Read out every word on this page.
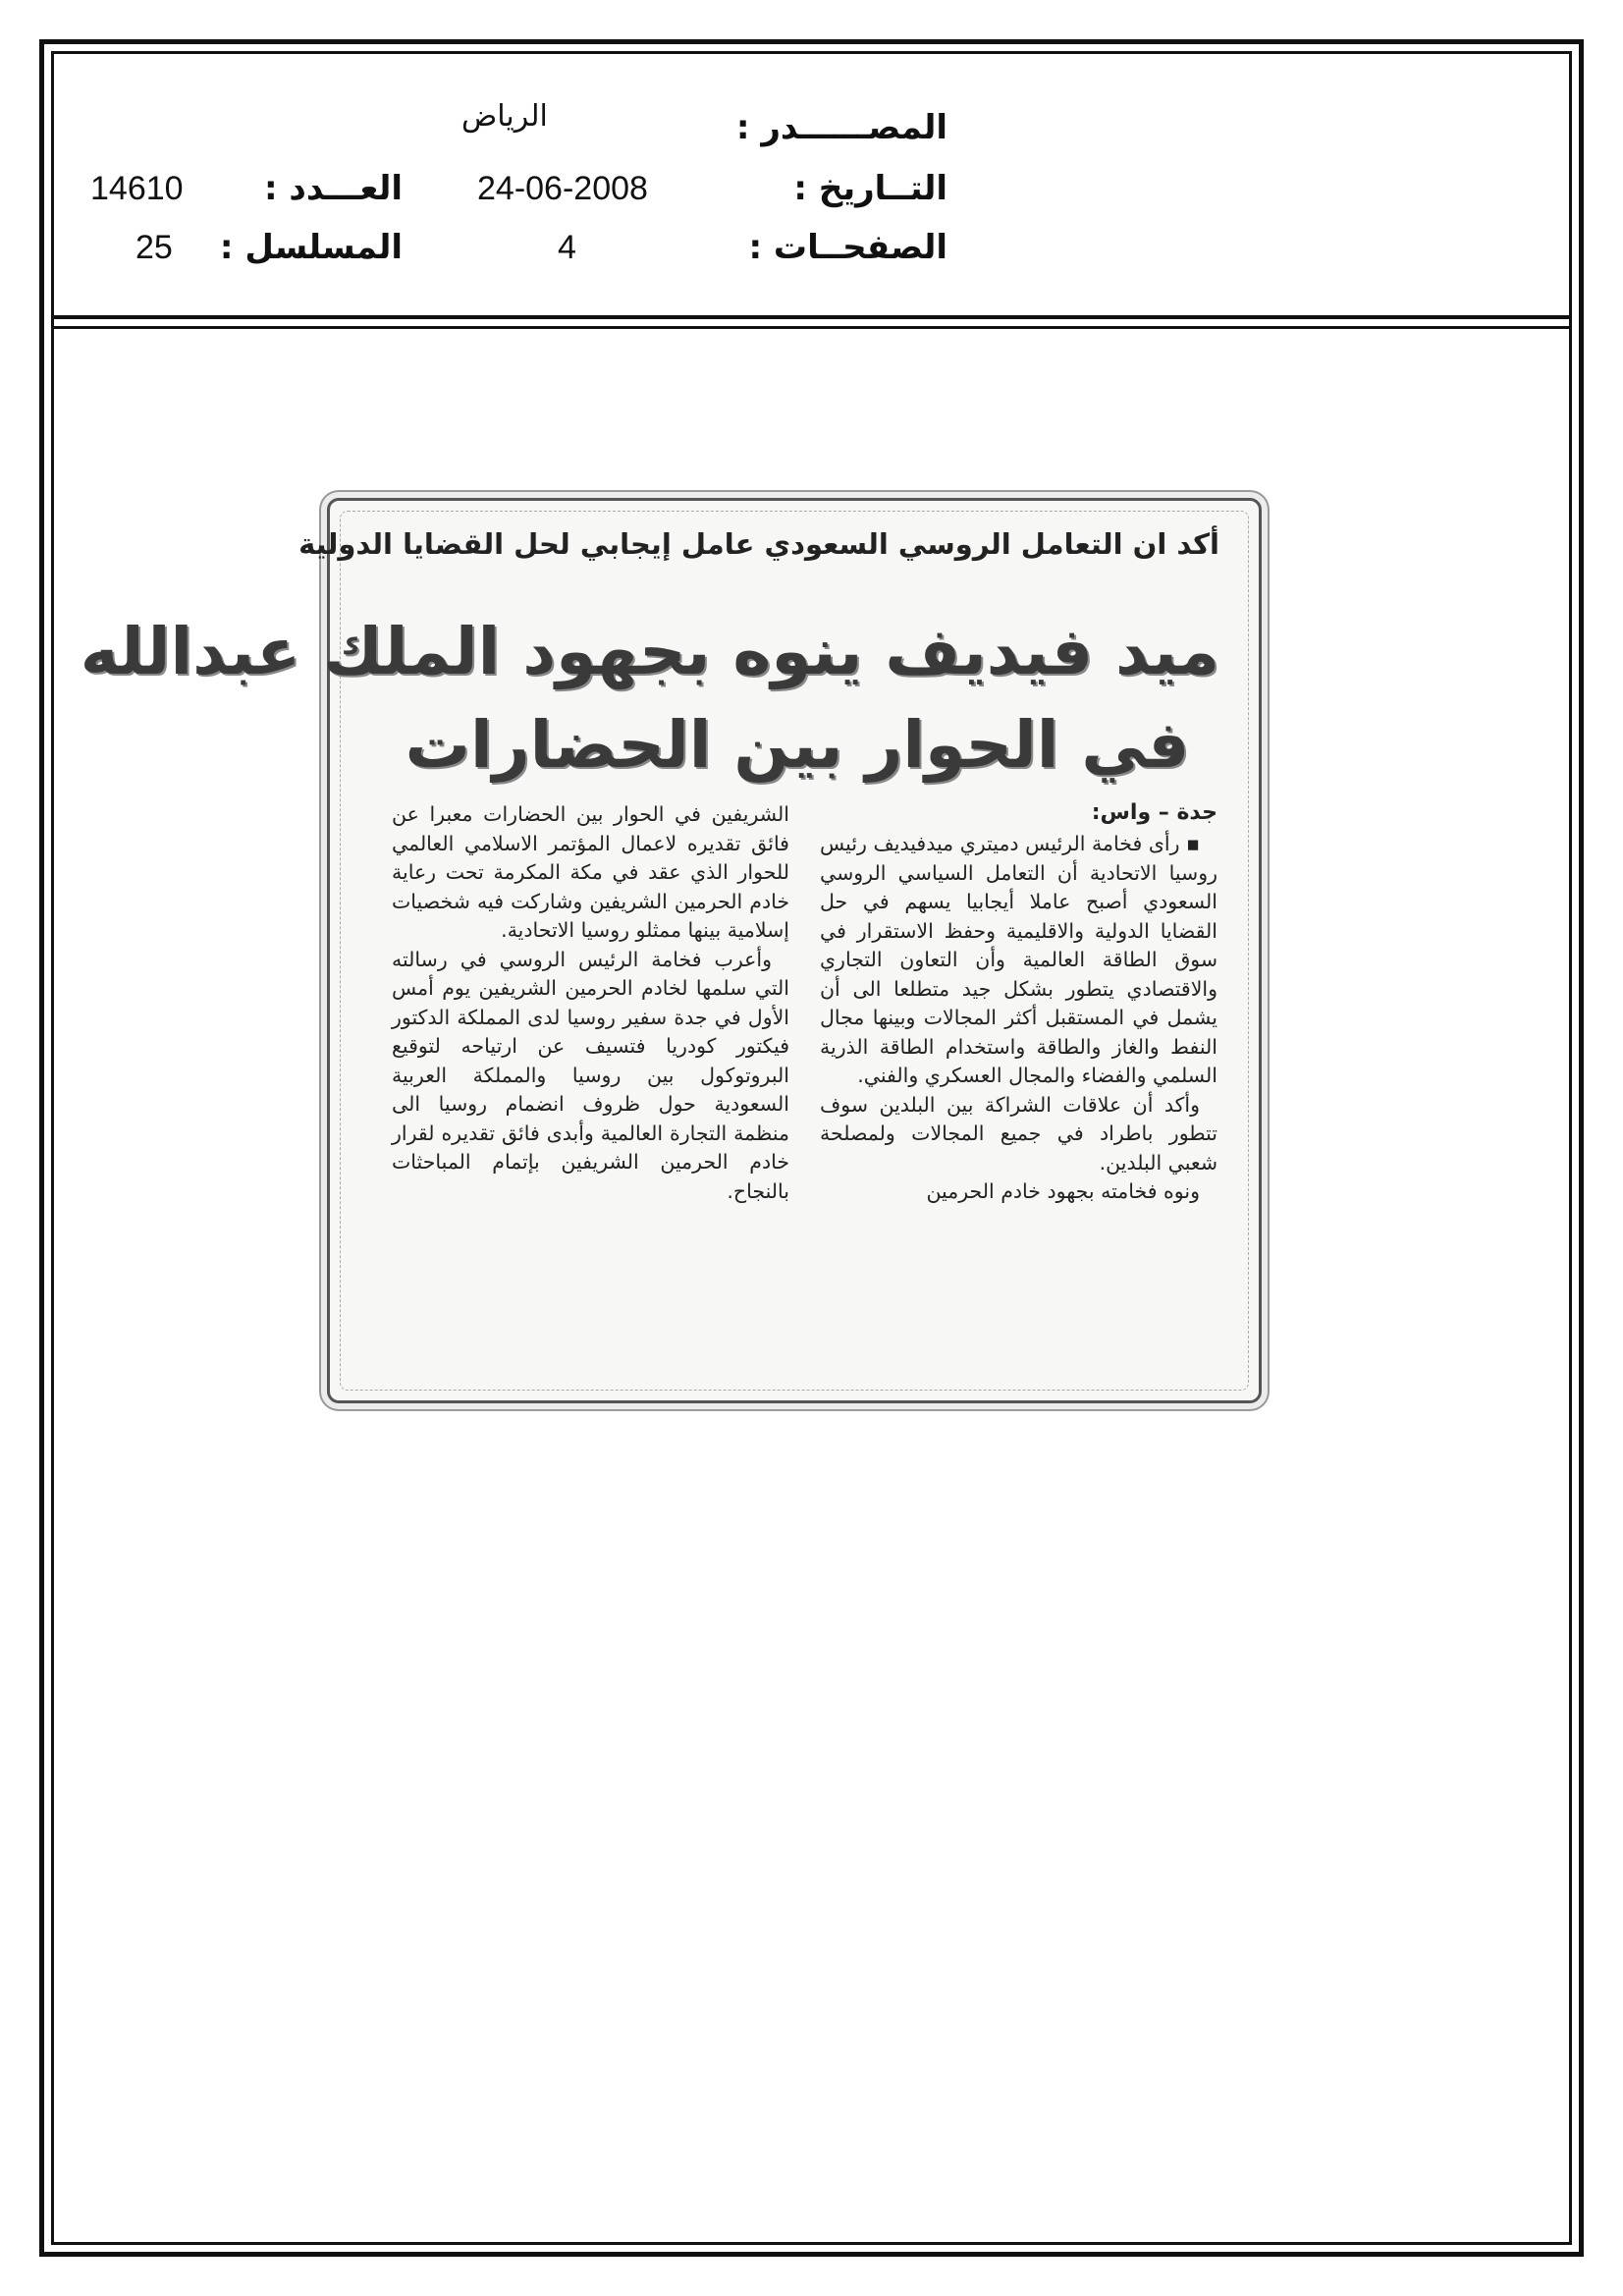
المصــــــدر :
الرياض
التــاريخ :
24-06-2008
العـــدد :
14610
الصفحــات :
4
المسلسل :
25
أكد ان التعامل الروسي السعودي عامل إيجابي لحل القضايا الدولية
ميد فيديف ينوه بجهود الملك عبدالله
في الحوار بين الحضارات
جدة – واس:

▪ رأى فخامة الرئيس دميتري ميدفيديف رئيس روسيا الاتحادية أن التعامل السياسي الروسي السعودي أصبح عاملا أيجابيا يسهم في حل القضايا الدولية والاقليمية وحفظ الاستقرار في سوق الطاقة العالمية وأن التعاون التجاري والاقتصادي يتطور بشكل جيد متطلعا الى أن يشمل في المستقبل أكثر المجالات وبينها مجال النفط والغاز والطاقة واستخدام الطاقة الذرية السلمي والفضاء والمجال العسكري والفني.

وأكد أن علاقات الشراكة بين البلدين سوف تتطور باطراد في جميع المجالات ولمصلحة شعبي البلدين.

ونوه فخامته بجهود خادم الحرمين

الشريفين في الحوار بين الحضارات معبرا عن فائق تقديره لاعمال المؤتمر الاسلامي العالمي للحوار الذي عقد في مكة المكرمة تحت رعاية خادم الحرمين الشريفين وشاركت فيه شخصيات إسلامية بينها ممثلو روسيا الاتحادية.

وأعرب فخامة الرئيس الروسي في رسالته التي سلمها لخادم الحرمين الشريفين يوم أمس الأول في جدة سفير روسيا لدى المملكة الدكتور فيكتور كودريا فتسيف عن ارتياحه لتوقيع البروتوكول بين روسيا والمملكة العربية السعودية حول ظروف انضمام روسيا الى منظمة التجارة العالمية وأبدى فائق تقديره لقرار خادم الحرمين الشريفين بإتمام المباحثات بالنجاح.
